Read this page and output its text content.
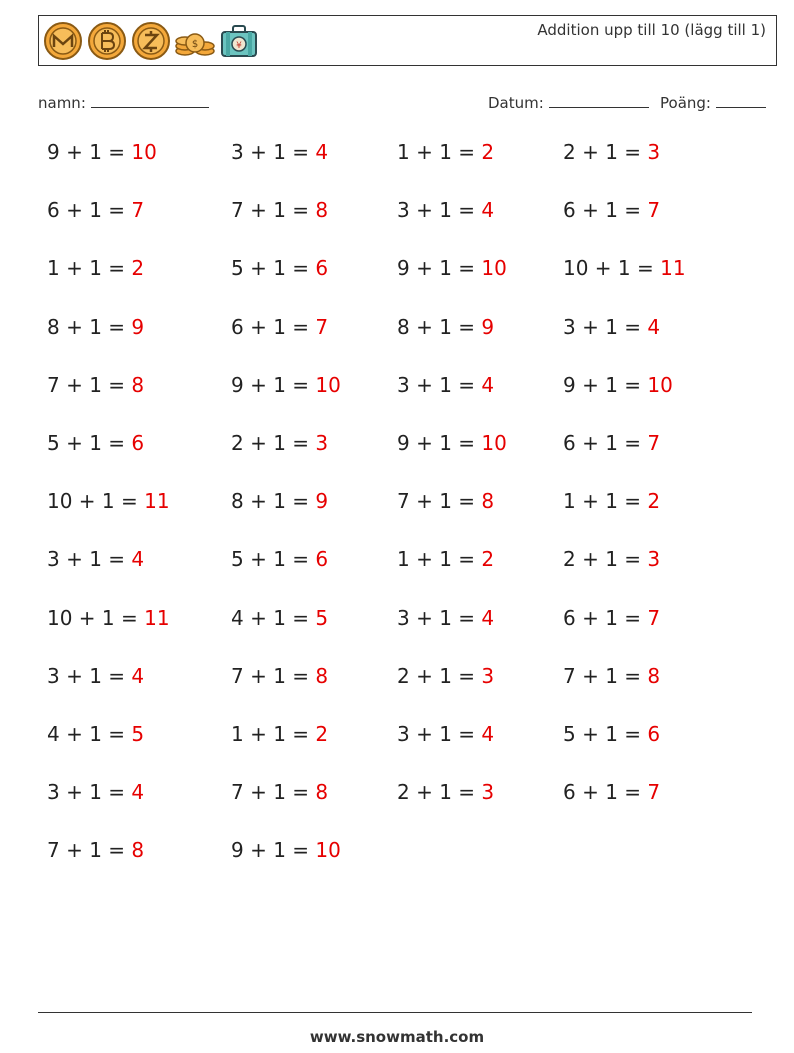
$	¥
Addition upp till 10 (lägg till 1)
namn:	Datum:	Poäng:
9 + 1 = 10	3 + 1 = 4	1 + 1 = 2	2 + 1 = 3
6 + 1 = 7	7 + 1 = 8	3 + 1 = 4	6 + 1 = 7
1 + 1 = 2	5 + 1 = 6	9 + 1 = 10	10 + 1 = 11
8 + 1 = 9	6 + 1 = 7	8 + 1 = 9	3 + 1 = 4
7 + 1 = 8	9 + 1 = 10	3 + 1 = 4	9 + 1 = 10
5 + 1 = 6	2 + 1 = 3	9 + 1 = 10	6 + 1 = 7
10 + 1 = 11	8 + 1 = 9	7 + 1 = 8	1 + 1 = 2
3 + 1 = 4	5 + 1 = 6	1 + 1 = 2	2 + 1 = 3
10 + 1 = 11	4 + 1 = 5	3 + 1 = 4	6 + 1 = 7
3 + 1 = 4	7 + 1 = 8	2 + 1 = 3	7 + 1 = 8
4 + 1 = 5	1 + 1 = 2	3 + 1 = 4	5 + 1 = 6
3 + 1 = 4	7 + 1 = 8	2 + 1 = 3	6 + 1 = 7
7 + 1 = 8	9 + 1 = 10
www.snowmath.com
